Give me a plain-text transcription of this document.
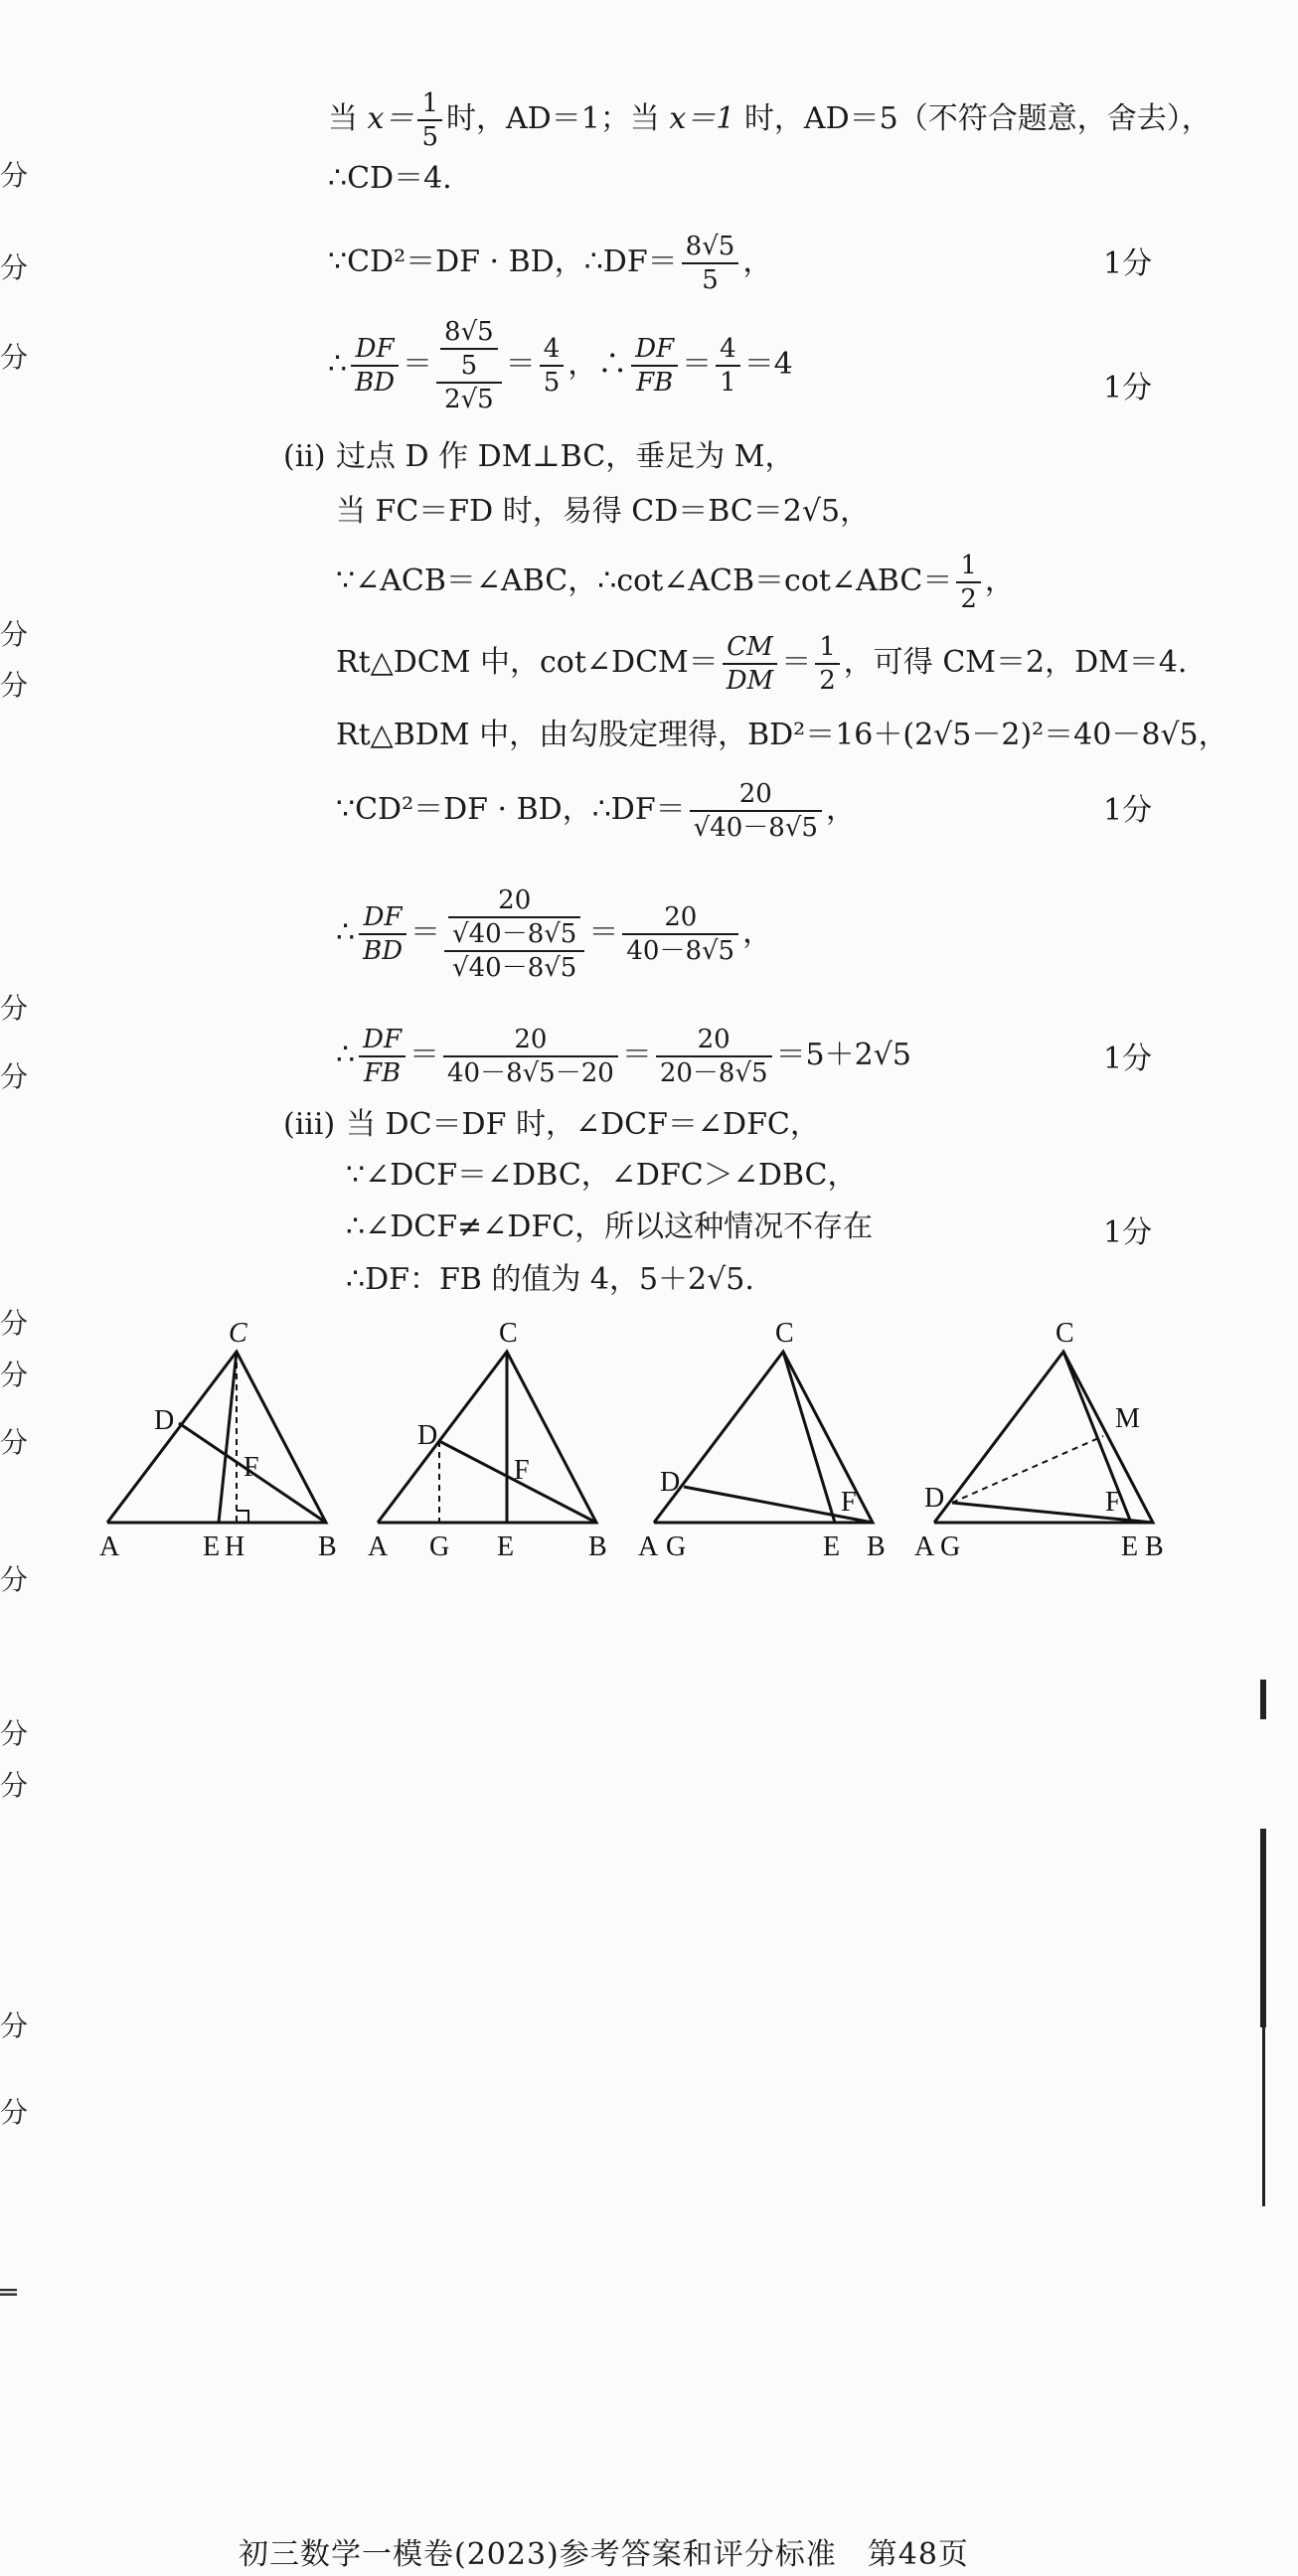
分
分
分
分
分
分
分
分
分
分
分
分
分
分
分
═
当 $x= \frac{1}{5}$ 时，AD＝1；当 x＝1 时，AD＝5（不符合题意，舍去），
∴CD＝4.
∵CD²＝DF · BD，∴DF＝ $\frac{8√5}{5}$ ，	1分
∴ $\frac{DF}{BD} = \frac{\frac{8√5}{5}}{2√5} = \frac{4}{5}$ ，∴ $\frac{DF}{FB} = \frac{4}{1} =4$
1分
(ii) 过点 D 作 DM⊥BC，垂足为 M，
当 FC＝FD 时，易得 CD＝BC＝2√5，
∵∠ACB＝∠ABC，∴cot∠ACB＝cot∠ABC＝ $\frac{1}{2}$ ，
Rt△DCM 中，cot∠DCM＝ $\frac{CM}{DM} = \frac{1}{2}$ ，可得 CM＝2，DM＝4.
Rt△BDM 中，由勾股定理得，BD²＝16＋(2√5－2)²＝40－8√5，
∵CD²＝DF · BD，∴DF＝ $\frac{20}{√40-8√5}$ ，	1分
∴ $\frac{DF}{BD} = \frac{\frac{20}{√40-8√5}}{√40-8√5} = \frac{20}{40-8√5}$ ，
∴ $\frac{DF}{FB} = \frac{20}{40-8√5-20} = \frac{20}{20-8√5} =5+2√5$	1分
(iii) 当 DC＝DF 时，∠DCF＝∠DFC，
∵∠DCF＝∠DBC，∠DFC＞∠DBC，
∴∠DCF≠∠DFC，所以这种情况不存在	1分
∴DF：FB 的值为 4，5＋2√5.
C
D
F
A	E H	B
C
D
F
A G E	B
C
D
F
A G	E B
C
M
D	F
A G	E B
初三数学一模卷(2023)参考答案和评分标准　第48页
